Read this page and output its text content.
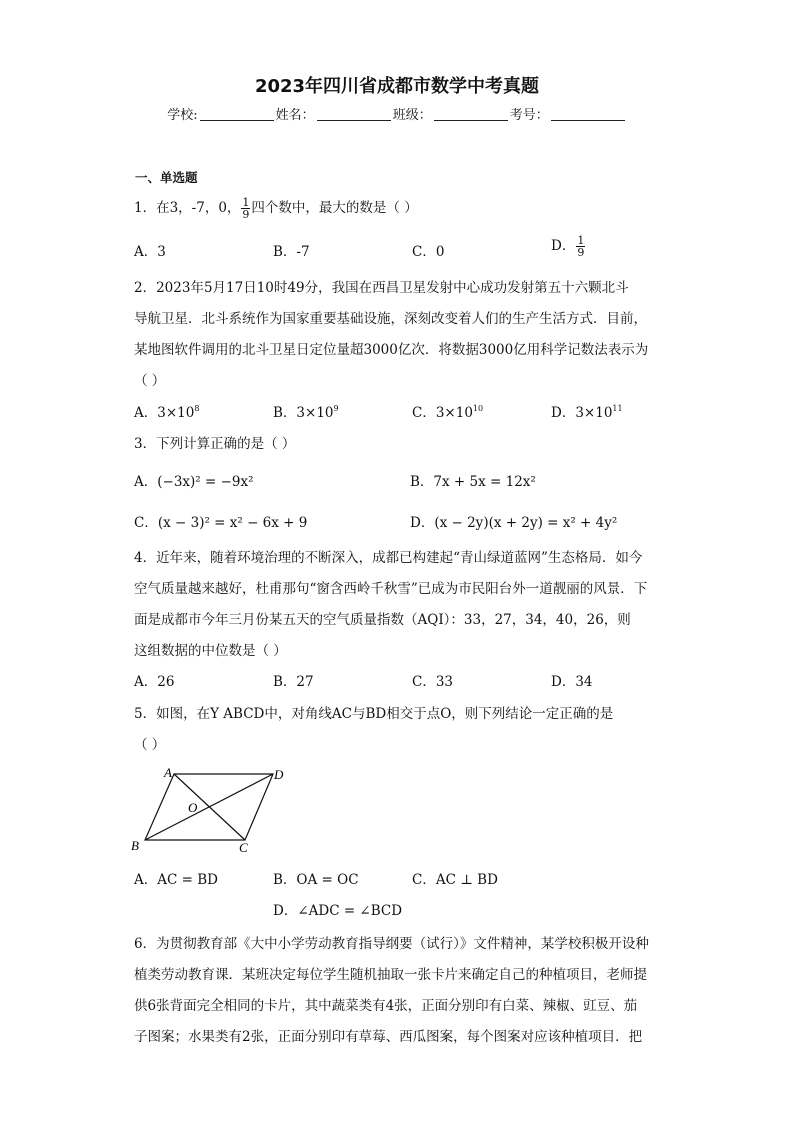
2023年四川省成都市数学中考真题
学校:	姓名：	班级：	考号：
一、单选题
1．在3，-7，0， $\frac{1}{9}$ 四个数中，最大的数是（ ）
A．3	B．-7	C．0	D． $\frac{1}{9}$
2．2023年5月17日10时49分，我国在西昌卫星发射中心成功发射第五十六颗北斗
导航卫星．北斗系统作为国家重要基础设施，深刻改变着人们的生产生活方式．目前，
某地图软件调用的北斗卫星日定位量超3000亿次．将数据3000亿用科学记数法表示为
（ ）
A．$3\times 10^8$	B．$3\times 10^9$	C．$3\times 10^{10}$	D．$3\times 10^{11}$
3．下列计算正确的是（ ）
A．(−3x)² = −9x²	B．7x + 5x = 12x²
C．(x − 3)² = x² − 6x + 9	D．(x − 2y)(x + 2y) = x² + 4y²
4．近年来，随着环境治理的不断深入，成都已构建起“青山绿道蓝网”生态格局．如今
空气质量越来越好，杜甫那句“窗含西岭千秋雪”已成为市民阳台外一道靓丽的风景．下
面是成都市今年三月份某五天的空气质量指数（AQI）：33，27，34，40，26，则
这组数据的中位数是（ ）
A．26	B．27	C．33	D．34
5．如图，在Y ABCD中，对角线AC与BD相交于点O，则下列结论一定正确的是
（ ）
A	D
B	C
O
A．AC = BD	B．OA = OC	C．AC ⊥ BD
D．∠ADC = ∠BCD
6．为贯彻教育部《大中小学劳动教育指导纲要（试行）》文件精神，某学校积极开设种
植类劳动教育课．某班决定每位学生随机抽取一张卡片来确定自己的种植项目，老师提
供6张背面完全相同的卡片，其中蔬菜类有4张，正面分别印有白菜、辣椒、豇豆、茄
子图案；水果类有2张，正面分别印有草莓、西瓜图案，每个图案对应该种植项目．把
